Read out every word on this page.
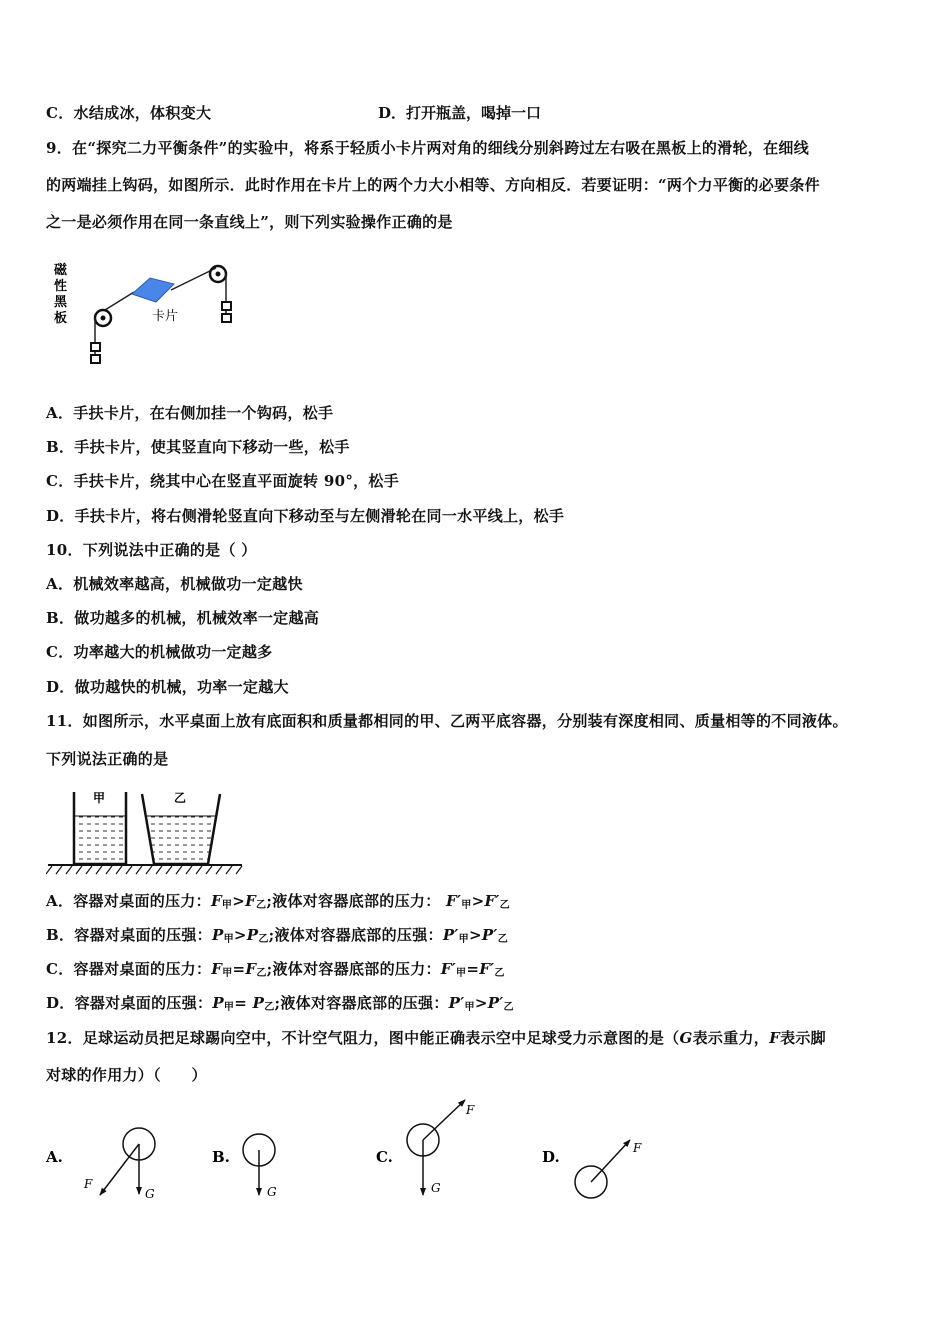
C．水结成冰，体积变大	D．打开瓶盖，喝掉一口
9．在“探究二力平衡条件”的实验中，将系于轻质小卡片两对角的细线分别斜跨过左右吸在黑板上的滑轮，在细线
的两端挂上钩码，如图所示．此时作用在卡片上的两个力大小相等、方向相反．若要证明：“两个力平衡的必要条件
之一是必须作用在同一条直线上”，则下列实验操作正确的是
磁
性
黑
板	卡片
A．手扶卡片，在右侧加挂一个钩码，松手
B．手扶卡片，使其竖直向下移动一些，松手
C．手扶卡片，绕其中心在竖直平面旋转 90°，松手
D．手扶卡片，将右侧滑轮竖直向下移动至与左侧滑轮在同一水平线上，松手
10．下列说法中正确的是（ ）
A．机械效率越高，机械做功一定越快
B．做功越多的机械，机械效率一定越高
C．功率越大的机械做功一定越多
D．做功越快的机械，功率一定越大
11．如图所示，水平桌面上放有底面积和质量都相同的甲、乙两平底容器，分别装有深度相同、质量相等的不同液体。
下列说法正确的是
甲	乙
A．容器对桌面的压力：$F_甲>F_乙$;液体对容器底部的压力： $F'_甲>F'_乙$
B．容器对桌面的压强：$P_甲>P_乙$;液体对容器底部的压强：$P'_甲>P'_乙$
C．容器对桌面的压力：$F_甲=F_乙$;液体对容器底部的压力：$F'_甲=F'_乙$
D．容器对桌面的压强：$P_甲= P_乙$;液体对容器底部的压强：$P'_甲>P'_乙$
12．足球运动员把足球踢向空中，不计空气阻力，图中能正确表示空中足球受力示意图的是（G表示重力，F表示脚
对球的作用力）（　　）
A.
F
G
B.
G
C.
F
G
D.	F
